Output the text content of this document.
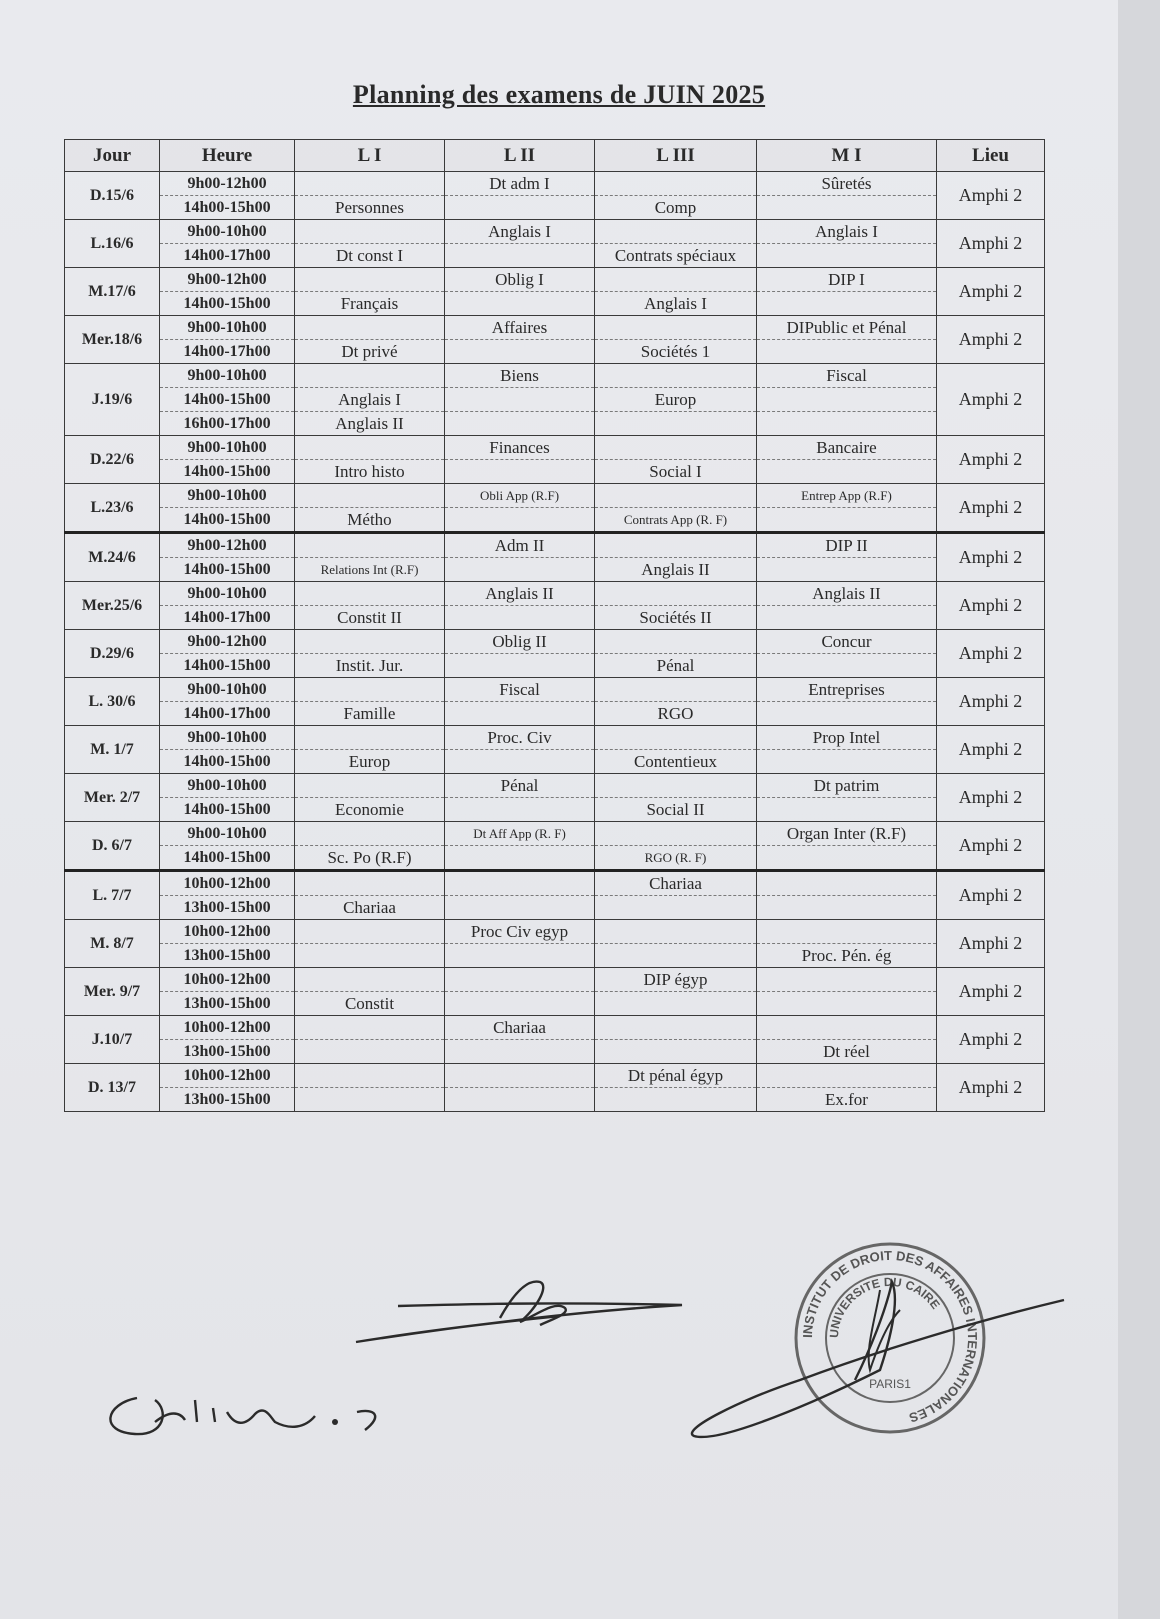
Planning des examens de JUIN 2025
Jour	Heure	L I	L II	L III	M I	Lieu
D.15/6	9h00-12h00		Dt adm I		Sûretés	Amphi 2
	14h00-15h00	Personnes		Comp		
L.16/6	9h00-10h00		Anglais I		Anglais I	Amphi 2
	14h00-17h00	Dt const I		Contrats spéciaux		
M.17/6	9h00-12h00		Oblig I		DIP I	Amphi 2
	14h00-15h00	Français		Anglais I		
Mer.18/6	9h00-10h00		Affaires		DIPublic et Pénal	Amphi 2
	14h00-17h00	Dt privé		Sociétés 1		
J.19/6	9h00-10h00		Biens		Fiscal	Amphi 2
	14h00-15h00	Anglais I		Europ		
	16h00-17h00	Anglais II				
D.22/6	9h00-10h00		Finances		Bancaire	Amphi 2
	14h00-15h00	Intro histo		Social I		
L.23/6	9h00-10h00		Obli App (R.F)		Entrep App (R.F)	Amphi 2
	14h00-15h00	Métho		Contrats App (R. F)		
M.24/6	9h00-12h00		Adm II		DIP II	Amphi 2
	14h00-15h00	Relations Int (R.F)		Anglais II		
Mer.25/6	9h00-10h00		Anglais II		Anglais II	Amphi 2
	14h00-17h00	Constit II		Sociétés II		
D.29/6	9h00-12h00		Oblig II		Concur	Amphi 2
	14h00-15h00	Instit. Jur.		Pénal		
L. 30/6	9h00-10h00		Fiscal		Entreprises	Amphi 2
	14h00-17h00	Famille		RGO		
M. 1/7	9h00-10h00		Proc. Civ		Prop Intel	Amphi 2
	14h00-15h00	Europ		Contentieux		
Mer. 2/7	9h00-10h00		Pénal		Dt patrim	Amphi 2
	14h00-15h00	Economie		Social II		
D. 6/7	9h00-10h00		Dt Aff App (R. F)		Organ Inter (R.F)	Amphi 2
	14h00-15h00	Sc. Po (R.F)		RGO (R. F)		
L. 7/7	10h00-12h00			Chariaa		Amphi 2
	13h00-15h00	Chariaa				
M. 8/7	10h00-12h00		Proc Civ egyp			Amphi 2
	13h00-15h00				Proc. Pén. ég	
Mer. 9/7	10h00-12h00			DIP égyp		Amphi 2
	13h00-15h00	Constit				
J.10/7	10h00-12h00		Chariaa			Amphi 2
	13h00-15h00				Dt réel	
D. 13/7	10h00-12h00			Dt pénal égyp		Amphi 2
	13h00-15h00				Ex.for	
INSTITUT DE DROIT DES AFFAIRES INTERNATIONALES
UNIVERSITE DU CAIRE
PARIS1
